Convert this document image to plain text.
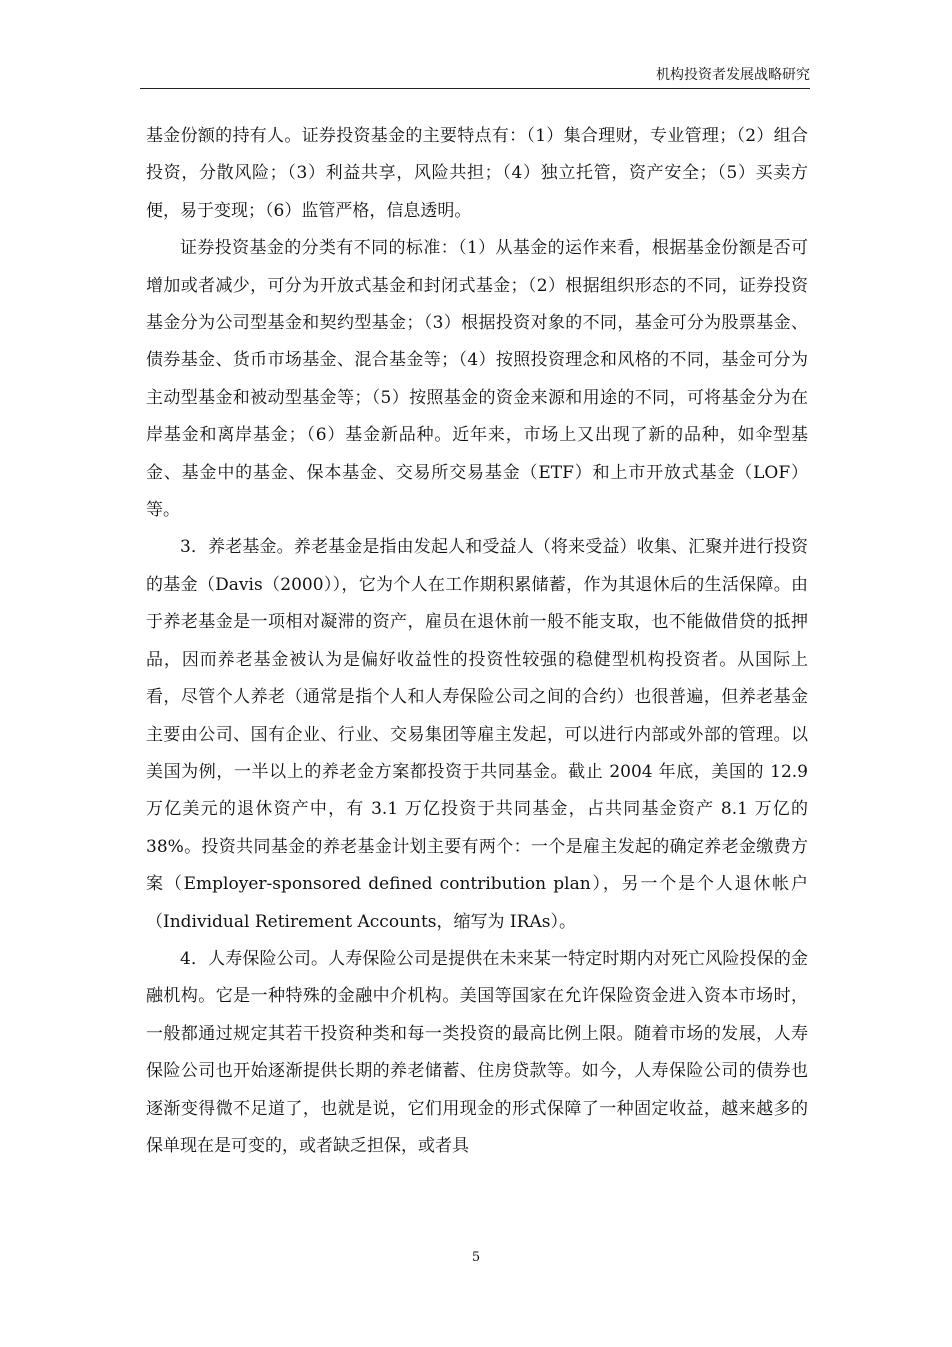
机构投资者发展战略研究

基金份额的持有人。证券投资基金的主要特点有：（1）集合理财，专业管理；（2）组合投资，分散风险；（3）利益共享，风险共担；（4）独立托管，资产安全；（5）买卖方便，易于变现；（6）监管严格，信息透明。

证券投资基金的分类有不同的标准：（1）从基金的运作来看，根据基金份额是否可增加或者减少，可分为开放式基金和封闭式基金；（2）根据组织形态的不同，证券投资基金分为公司型基金和契约型基金；（3）根据投资对象的不同，基金可分为股票基金、债券基金、货币市场基金、混合基金等；（4）按照投资理念和风格的不同，基金可分为主动型基金和被动型基金等；（5）按照基金的资金来源和用途的不同，可将基金分为在岸基金和离岸基金；（6）基金新品种。近年来，市场上又出现了新的品种，如伞型基金、基金中的基金、保本基金、交易所交易基金（ETF）和上市开放式基金（LOF）等。

3．养老基金。养老基金是指由发起人和受益人（将来受益）收集、汇聚并进行投资的基金（Davis（2000）），它为个人在工作期积累储蓄，作为其退休后的生活保障。由于养老基金是一项相对凝滞的资产，雇员在退休前一般不能支取，也不能做借贷的抵押品，因而养老基金被认为是偏好收益性的投资性较强的稳健型机构投资者。从国际上看，尽管个人养老（通常是指个人和人寿保险公司之间的合约）也很普遍，但养老基金主要由公司、国有企业、行业、交易集团等雇主发起，可以进行内部或外部的管理。以美国为例，一半以上的养老金方案都投资于共同基金。截止 2004 年底，美国的 12.9 万亿美元的退休资产中，有 3.1 万亿投资于共同基金，占共同基金资产 8.1 万亿的 38%。投资共同基金的养老基金计划主要有两个：一个是雇主发起的确定养老金缴费方案（Employer-sponsored defined contribution plan），另一个是个人退休帐户（Individual Retirement Accounts，缩写为 IRAs）。

4．人寿保险公司。人寿保险公司是提供在未来某一特定时期内对死亡风险投保的金融机构。它是一种特殊的金融中介机构。美国等国家在允许保险资金进入资本市场时，一般都通过规定其若干投资种类和每一类投资的最高比例上限。随着市场的发展，人寿保险公司也开始逐渐提供长期的养老储蓄、住房贷款等。如今，人寿保险公司的债券也逐渐变得微不足道了，也就是说，它们用现金的形式保障了一种固定收益，越来越多的保单现在是可变的，或者缺乏担保，或者具

5
